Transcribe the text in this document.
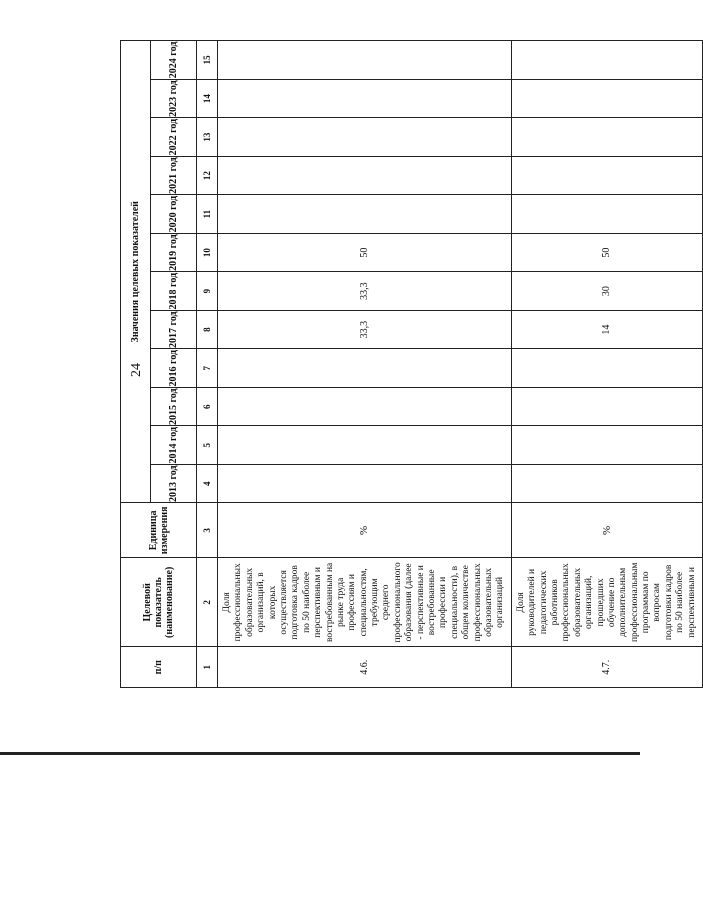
24
п/п	Целевой показатель (наименование)	Единица измерения	Значения целевых показателей											
			2013 год	2014 год	2015 год	2016 год	2017 год	2018 год	2019 год	2020 год	2021 год	2022 год	2023 год	2024 год
1	2	3	4	5	6	7	8	9	10	11	12	13	14	15
4.6.	Доля профессиональных образовательных организаций, в которых осуществляется подготовка кадров по 50 наиболее перспективным и востребованным на рынке труда профессиям и специальностям, требующим среднего профессионального образования (далее - перспективные и востребованные профессии и специальности), в общем количестве профессиональных образовательных организаций	%					33,3	33,3	50					
4.7.	Доля руководителей и педагогических работников профессиональных образовательных организаций, прошедших обучение по дополнительным профессиональным программам по вопросам подготовки кадров по 50 наиболее перспективным и	%					14	30	50					
